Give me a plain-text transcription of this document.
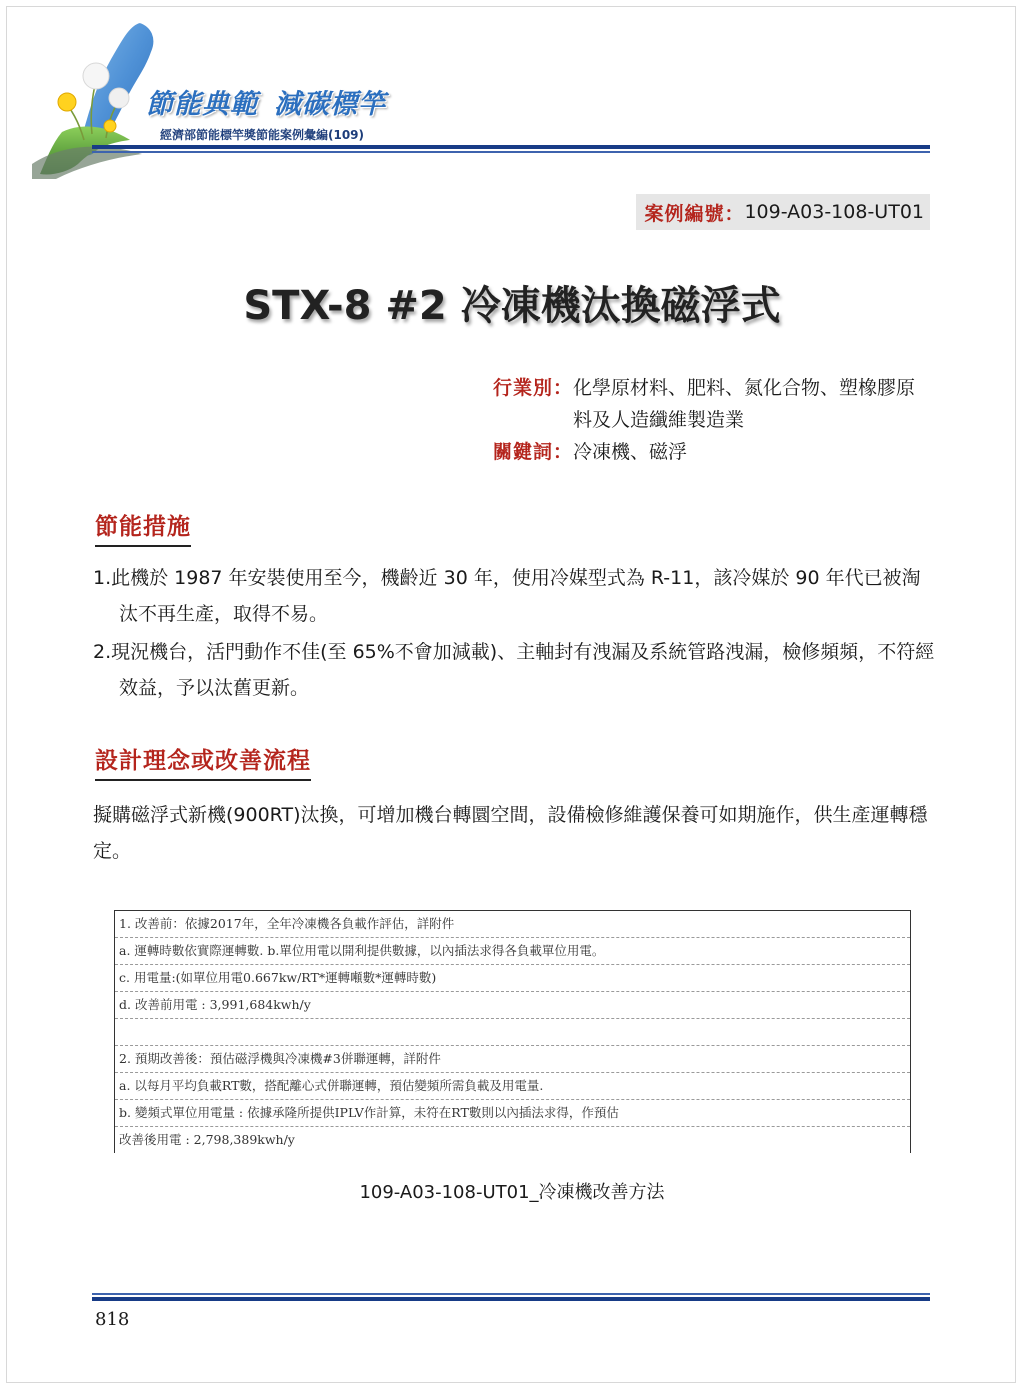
節能典範 減碳標竿
經濟部節能標竿獎節能案例彙編(109)
案例編號： 109-A03-108-UT01
STX-8 #2 冷凍機汰換磁浮式
行業別： 化學原材料、肥料、氮化合物、塑橡膠原料及人造纖維製造業
關鍵詞： 冷凍機、磁浮
節能措施
1.此機於 1987 年安裝使用至今，機齡近 30 年，使用冷媒型式為 R-11，該冷媒於 90 年代已被淘汰不再生產，取得不易。
2.現況機台，活門動作不佳(至 65%不會加減載)、主軸封有洩漏及系統管路洩漏，檢修頻頻，不符經效益，予以汰舊更新。
設計理念或改善流程

擬購磁浮式新機(900RT)汰換，可增加機台轉圜空間，設備檢修維護保養可如期施作，供生產運轉穩定。

1. 改善前：依據2017年，全年冷凍機各負載作評估，詳附件
a. 運轉時數依實際運轉數. b.單位用電以開利提供數據，以內插法求得各負載單位用電。
c. 用電量:(如單位用電0.667kw/RT*運轉噸數*運轉時數)
d. 改善前用電 : 3,991,684kwh/y
2. 預期改善後：預估磁浮機與冷凍機#3併聯運轉，詳附件
a. 以每月平均負載RT數，搭配離心式併聯運轉，預估變頻所需負載及用電量.
b. 變頻式單位用電量 : 依據承隆所提供IPLV作計算，未符在RT數則以內插法求得，作預估
改善後用電 : 2,798,389kwh/y
109-A03-108-UT01_冷凍機改善方法
818
